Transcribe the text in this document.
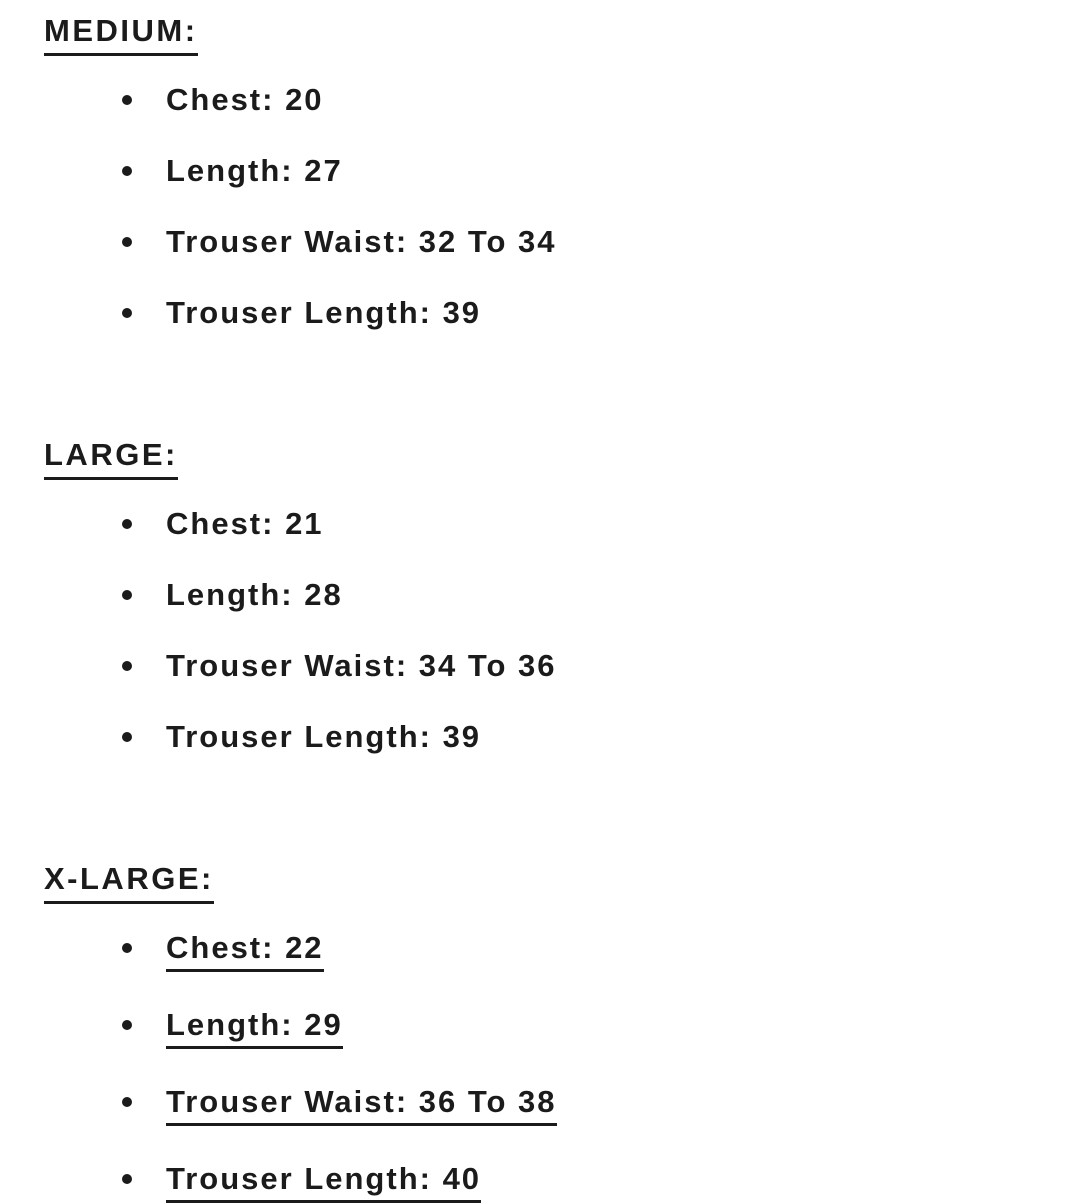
MEDIUM:
Chest: 20
Length: 27
Trouser Waist: 32 To 34
Trouser Length: 39
LARGE:
Chest: 21
Length: 28
Trouser Waist: 34 To 36
Trouser Length: 39
X-LARGE:
Chest: 22
Length: 29
Trouser Waist: 36 To 38
Trouser Length: 40
